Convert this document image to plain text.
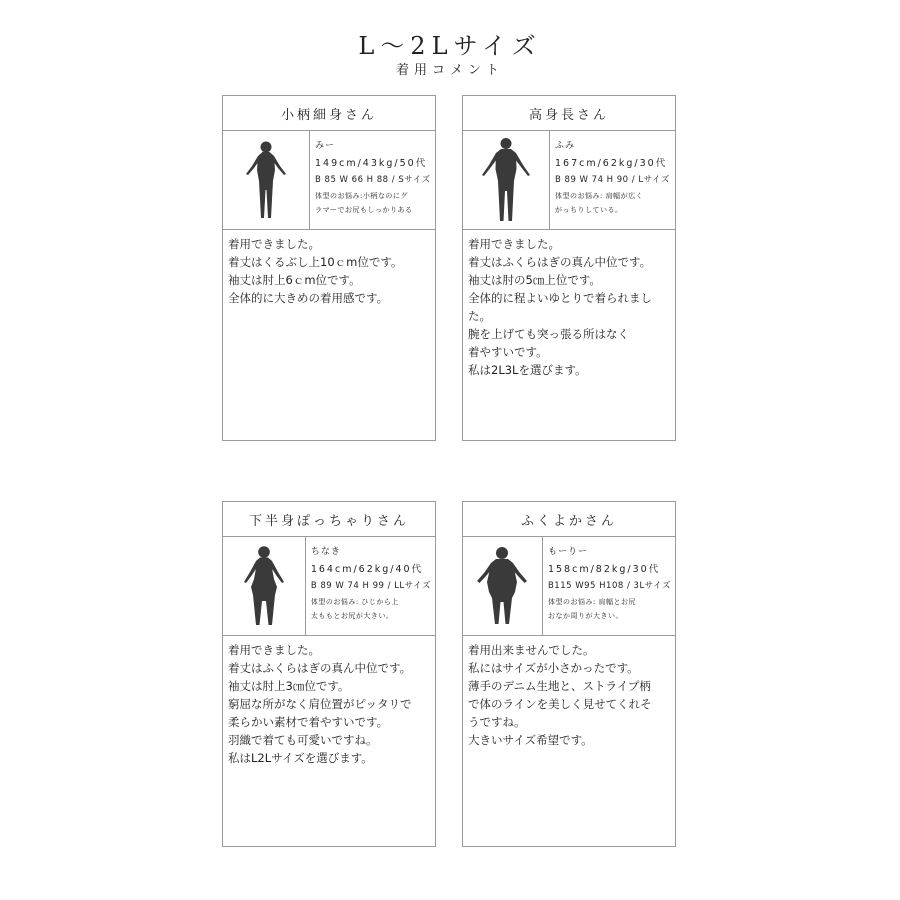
L～2Lサイズ
着用コメント
小柄細身さん
みー
149cm/43kg/50代
B 85 W 66 H 88 / Sサイズ
体型のお悩み:小柄なのにグ
ラマーでお尻もしっかりある
着用できました。
着丈はくるぶし上10ｃm位です。
袖丈は肘上6ｃm位です。
全体的に大きめの着用感です。
高身長さん
ふみ
167cm/62kg/30代
B 89 W 74 H 90 / Lサイズ
体型のお悩み: 肩幅が広く
がっちりしている。
着用できました。
着丈はふくらはぎの真ん中位です。
袖丈は肘の5㎝上位です。
全体的に程よいゆとりで着られまし
た。
腕を上げても突っ張る所はなく
着やすいです。
私は2L3Lを選びます。
下半身ぽっちゃりさん
ちなき
164cm/62kg/40代
B 89 W 74 H 99 / LLサイズ
体型のお悩み: ひじから上
太ももとお尻が大きい。
着用できました。
着丈はふくらはぎの真ん中位です。
袖丈は肘上3㎝位です。
窮屈な所がなく肩位置がピッタリで
柔らかい素材で着やすいです。
羽織で着ても可愛いですね。
私はL2Lサイズを選びます。
ふくよかさん
もーりー
158cm/82kg/30代
B115 W95 H108 / 3Lサイズ
体型のお悩み: 肩幅とお尻
おなか周りが大きい。
着用出来ませんでした。
私にはサイズが小さかったです。
薄手のデニム生地と、ストライプ柄
で体のラインを美しく見せてくれそ
うですね。
大きいサイズ希望です。
